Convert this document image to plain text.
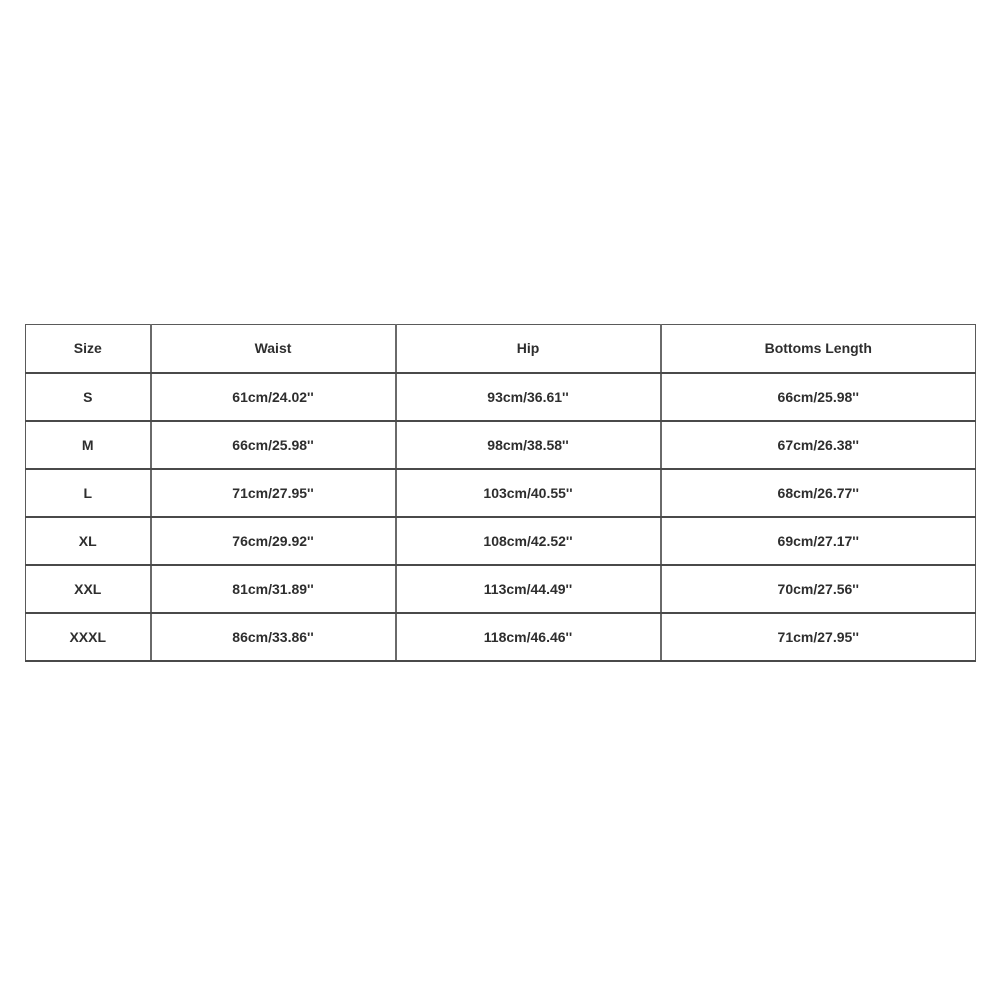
Size	Waist	Hip	Bottoms Length
S	61cm/24.02''	93cm/36.61''	66cm/25.98''
M	66cm/25.98''	98cm/38.58''	67cm/26.38''
L	71cm/27.95''	103cm/40.55''	68cm/26.77''
XL	76cm/29.92''	108cm/42.52''	69cm/27.17''
XXL	81cm/31.89''	113cm/44.49''	70cm/27.56''
XXXL	86cm/33.86''	118cm/46.46''	71cm/27.95''
